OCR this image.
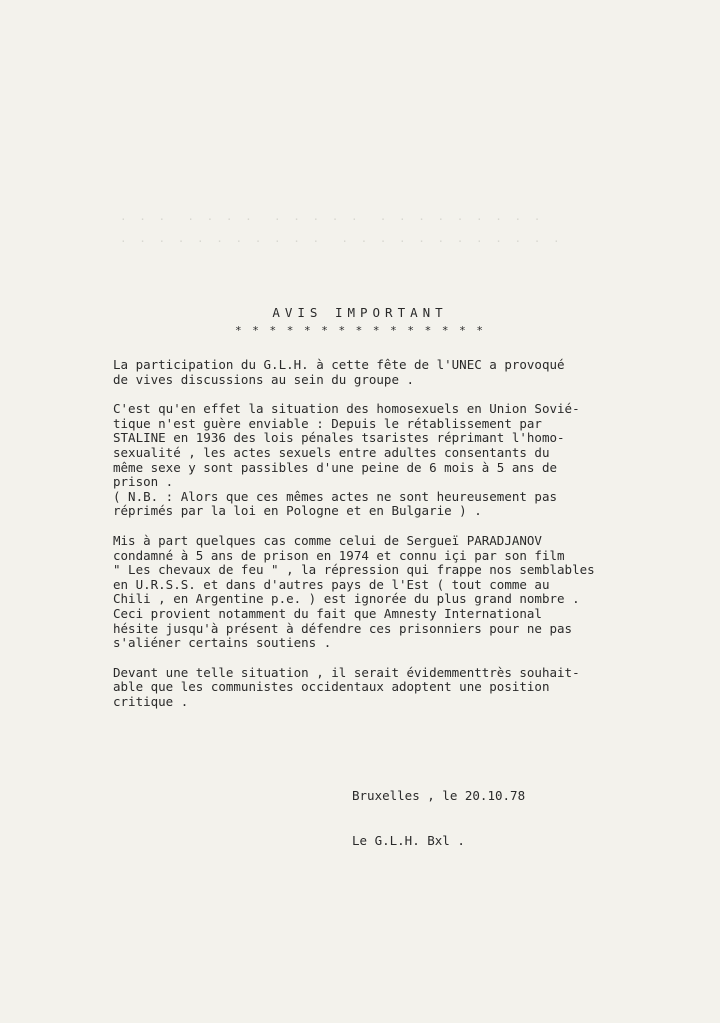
. . .  . . . .  . . . . .  . . . . . . . . .
. . . . . . . . . . .  . . . . . . . . . . . .
AVIS IMPORTANT
* * * * * * * * * * * * * * *
La participation du G.L.H. à cette fête de l'UNEC a provoqué
de vives discussions au sein du groupe .
C'est qu'en effet la situation des homosexuels en Union Sovié-
tique n'est guère enviable : Depuis le rétablissement par
STALINE en 1936 des lois pénales tsaristes réprimant l'homo-
sexualité , les actes sexuels entre adultes consentants du
même sexe y sont passibles d'une peine de 6 mois à 5 ans de
prison .
( N.B. : Alors que ces mêmes actes ne sont heureusement pas
réprimés par la loi en Pologne et en Bulgarie ) .
Mis à part quelques cas comme celui de Sergueï PARADJANOV
condamné à 5 ans de prison en 1974 et connu içi par son film
" Les chevaux de feu " , la répression qui frappe nos semblables
en U.R.S.S. et dans d'autres pays de l'Est ( tout comme au
Chili , en Argentine p.e. ) est ignorée du plus grand nombre .
Ceci provient notamment du fait que Amnesty International
hésite jusqu'à présent à défendre ces prisonniers pour ne pas
s'aliéner certains soutiens .
Devant une telle situation , il serait évidemmenttrès souhait-
able que les communistes occidentaux adoptent une position
critique .
Bruxelles , le 20.10.78
Le G.L.H. Bxl .
